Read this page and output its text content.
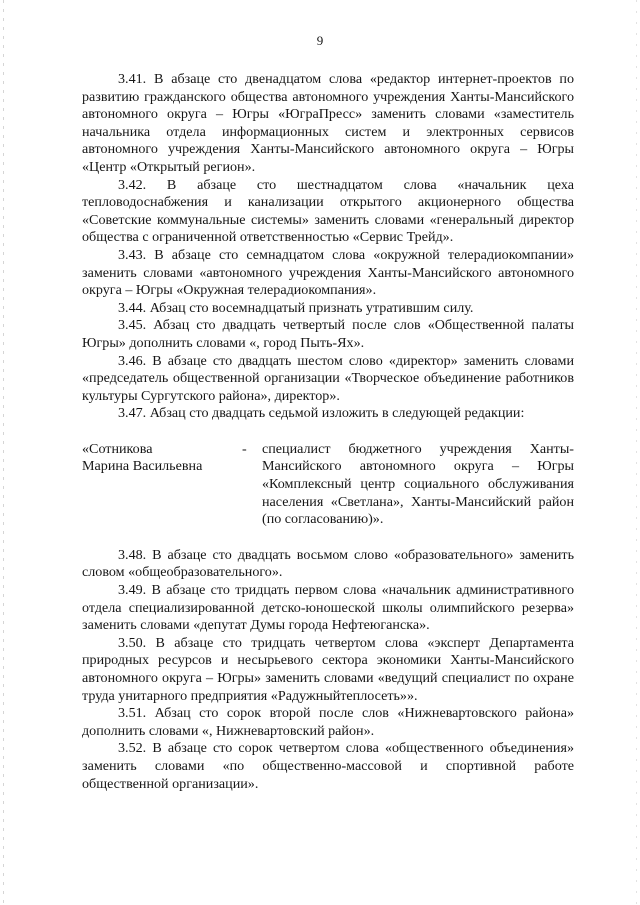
9

3.41. В абзаце сто двенадцатом слова «редактор интернет-проектов по развитию гражданского общества автономного учреждения Ханты-Мансийского автономного округа – Югры «ЮграПресс» заменить словами «заместитель начальника отдела информационных систем и электронных сервисов автономного учреждения Ханты-Мансийского автономного округа – Югры «Центр «Открытый регион».

3.42. В абзаце сто шестнадцатом слова «начальник цеха тепловодоснабжения и канализации открытого акционерного общества «Советские коммунальные системы» заменить словами «генеральный директор общества с ограниченной ответственностью «Сервис Трейд».

3.43. В абзаце сто семнадцатом слова «окружной телерадиокомпании» заменить словами «автономного учреждения Ханты-Мансийского автономного округа – Югры «Окружная телерадиокомпания».

3.44. Абзац сто восемнадцатый признать утратившим силу.

3.45. Абзац сто двадцать четвертый после слов «Общественной палаты Югры» дополнить словами «, город Пыть-Ях».

3.46. В абзаце сто двадцать шестом слово «директор» заменить словами «председатель общественной организации «Творческое объединение работников культуры Сургутского района», директор».

3.47. Абзац сто двадцать седьмой изложить в следующей редакции:

«Сотникова
Марина Васильевна
-	специалист бюджетного учреждения Ханты-Мансийского автономного округа – Югры «Комплексный центр социального обслуживания населения «Светлана», Ханты-Мансийский район (по согласованию)».

3.48. В абзаце сто двадцать восьмом слово «образовательного» заменить словом «общеобразовательного».

3.49. В абзаце сто тридцать первом слова «начальник административного отдела специализированной детско-юношеской школы олимпийского резерва» заменить словами «депутат Думы города Нефтеюганска».

3.50. В абзаце сто тридцать четвертом слова «эксперт Департамента природных ресурсов и несырьевого сектора экономики Ханты-Мансийского автономного округа – Югры» заменить словами «ведущий специалист по охране труда унитарного предприятия «Радужныйтеплосеть»».

3.51. Абзац сто сорок второй после слов «Нижневартовского района» дополнить словами «, Нижневартовский район».

3.52. В абзаце сто сорок четвертом слова «общественного объединения» заменить словами «по общественно-массовой и спортивной работе общественной организации».
